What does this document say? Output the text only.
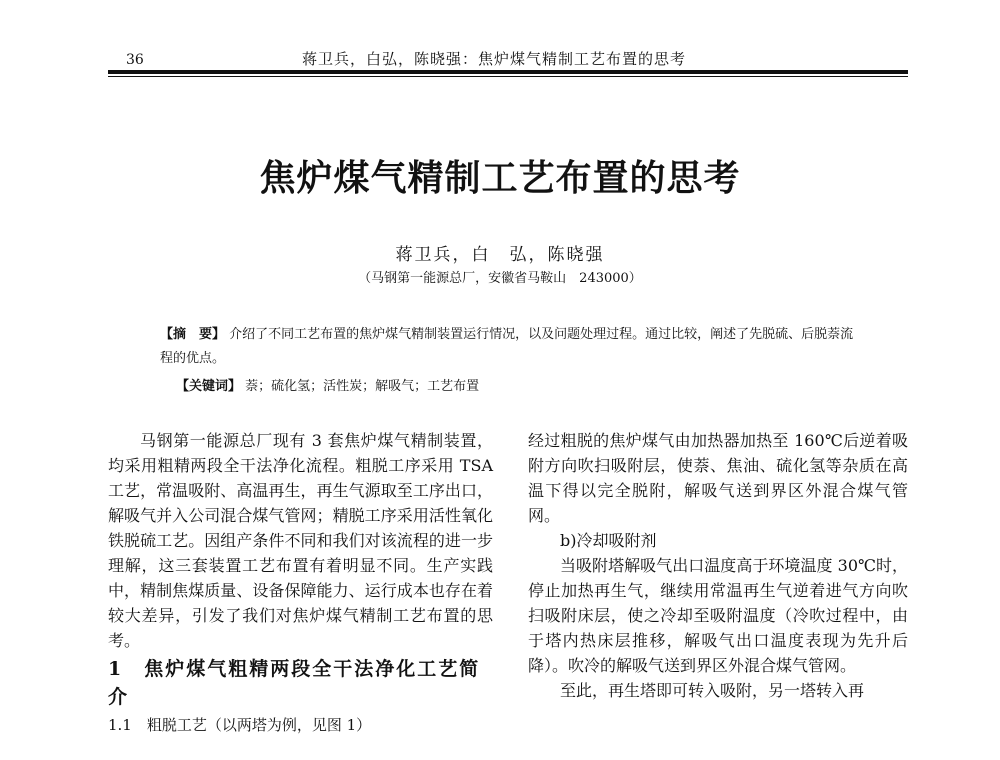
36	蒋卫兵，白弘，陈晓强：焦炉煤气精制工艺布置的思考
焦炉煤气精制工艺布置的思考
蒋卫兵，白　弘，陈晓强
（马钢第一能源总厂，安徽省马鞍山　243000）
【摘　要】 介绍了不同工艺布置的焦炉煤气精制装置运行情况，以及问题处理过程。通过比较，阐述了先脱硫、后脱萘流程的优点。
【关键词】 萘；硫化氢；活性炭；解吸气；工艺布置

马钢第一能源总厂现有 3 套焦炉煤气精制装置，均采用粗精两段全干法净化流程。粗脱工序采用 TSA 工艺，常温吸附、高温再生，再生气源取至工序出口，解吸气并入公司混合煤气管网；精脱工序采用活性氧化铁脱硫工艺。因组产条件不同和我们对该流程的进一步理解，这三套装置工艺布置有着明显不同。生产实践中，精制焦煤质量、设备保障能力、运行成本也存在着较大差异，引发了我们对焦炉煤气精制工艺布置的思考。

1　焦炉煤气粗精两段全干法净化工艺简介

1.1　粗脱工艺（以两塔为例，见图 1）

经过粗脱的焦炉煤气由加热器加热至 160℃后逆着吸附方向吹扫吸附层，使萘、焦油、硫化氢等杂质在高温下得以完全脱附，解吸气送到界区外混合煤气管网。

b)冷却吸附剂

当吸附塔解吸气出口温度高于环境温度 30℃时，停止加热再生气，继续用常温再生气逆着进气方向吹扫吸附床层，使之冷却至吸附温度（冷吹过程中，由于塔内热床层推移，解吸气出口温度表现为先升后降）。吹冷的解吸气送到界区外混合煤气管网。

至此，再生塔即可转入吸附，另一塔转入再
